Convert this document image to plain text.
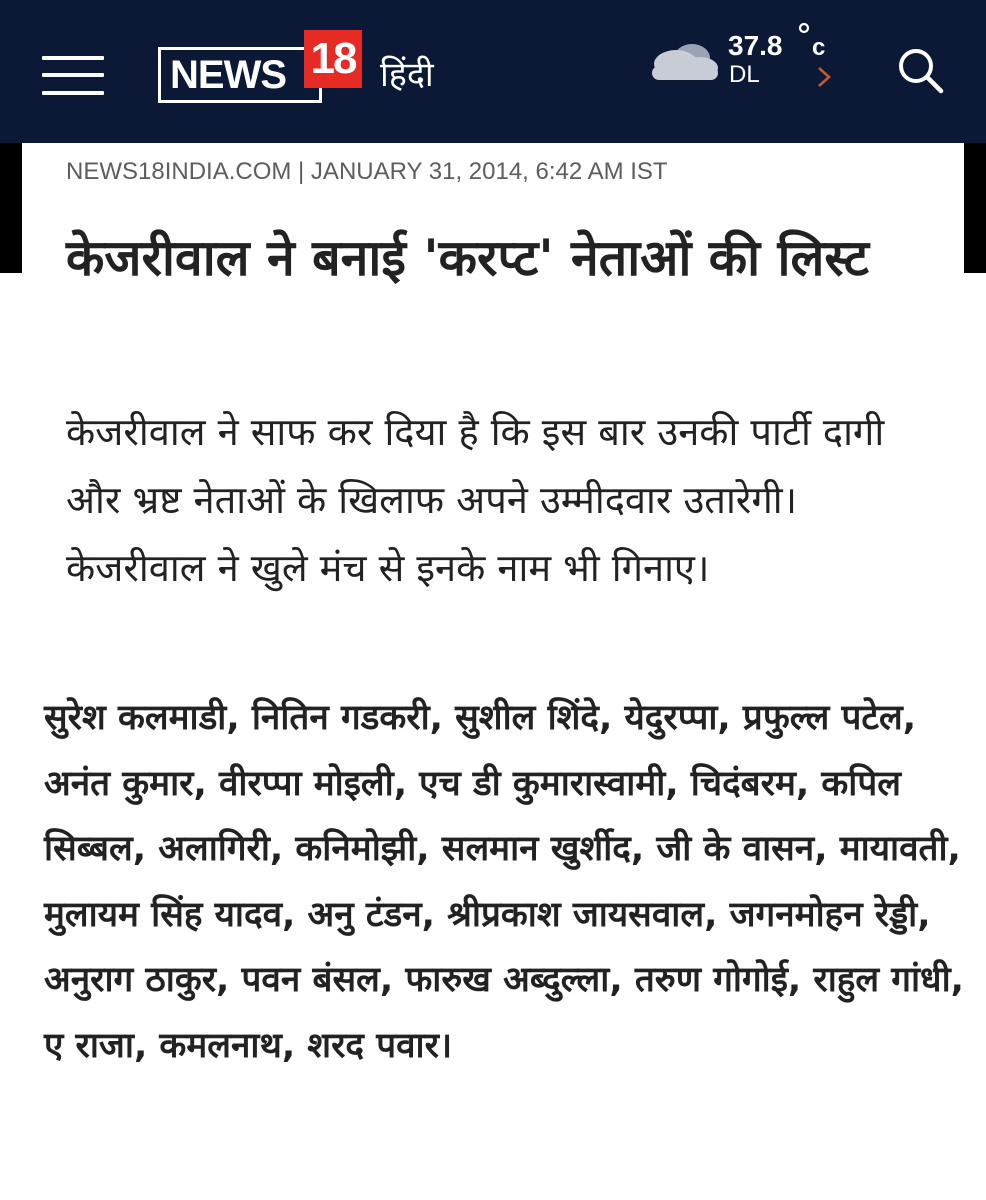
NEWS 18 हिंदी
37.8 c
DL
NEWS18INDIA.COM | JANUARY 31, 2014, 6:42 AM IST
केजरीवाल ने बनाई 'करप्ट' नेताओं की लिस्ट

केजरीवाल ने साफ कर दिया है कि इस बार उनकी पार्टी दागी और भ्रष्ट नेताओं के खिलाफ अपने उम्मीदवार उतारेगी। केजरीवाल ने खुले मंच से इनके नाम भी गिनाए।

सुरेश कलमाडी, नितिन गडकरी, सुशील शिंदे, येदुरप्पा, प्रफुल्ल पटेल, अनंत कुमार, वीरप्पा मोइली, एच डी कुमारास्वामी, चिदंबरम, कपिल सिब्बल, अलागिरी, कनिमोझी, सलमान खुर्शीद, जी के वासन, मायावती, मुलायम सिंह यादव, अनु टंडन, श्रीप्रकाश जायसवाल, जगनमोहन रेड्डी, अनुराग ठाकुर, पवन बंसल, फारुख अब्दुल्ला, तरुण गोगोई, राहुल गांधी, ए राजा, कमलनाथ, शरद पवार।
